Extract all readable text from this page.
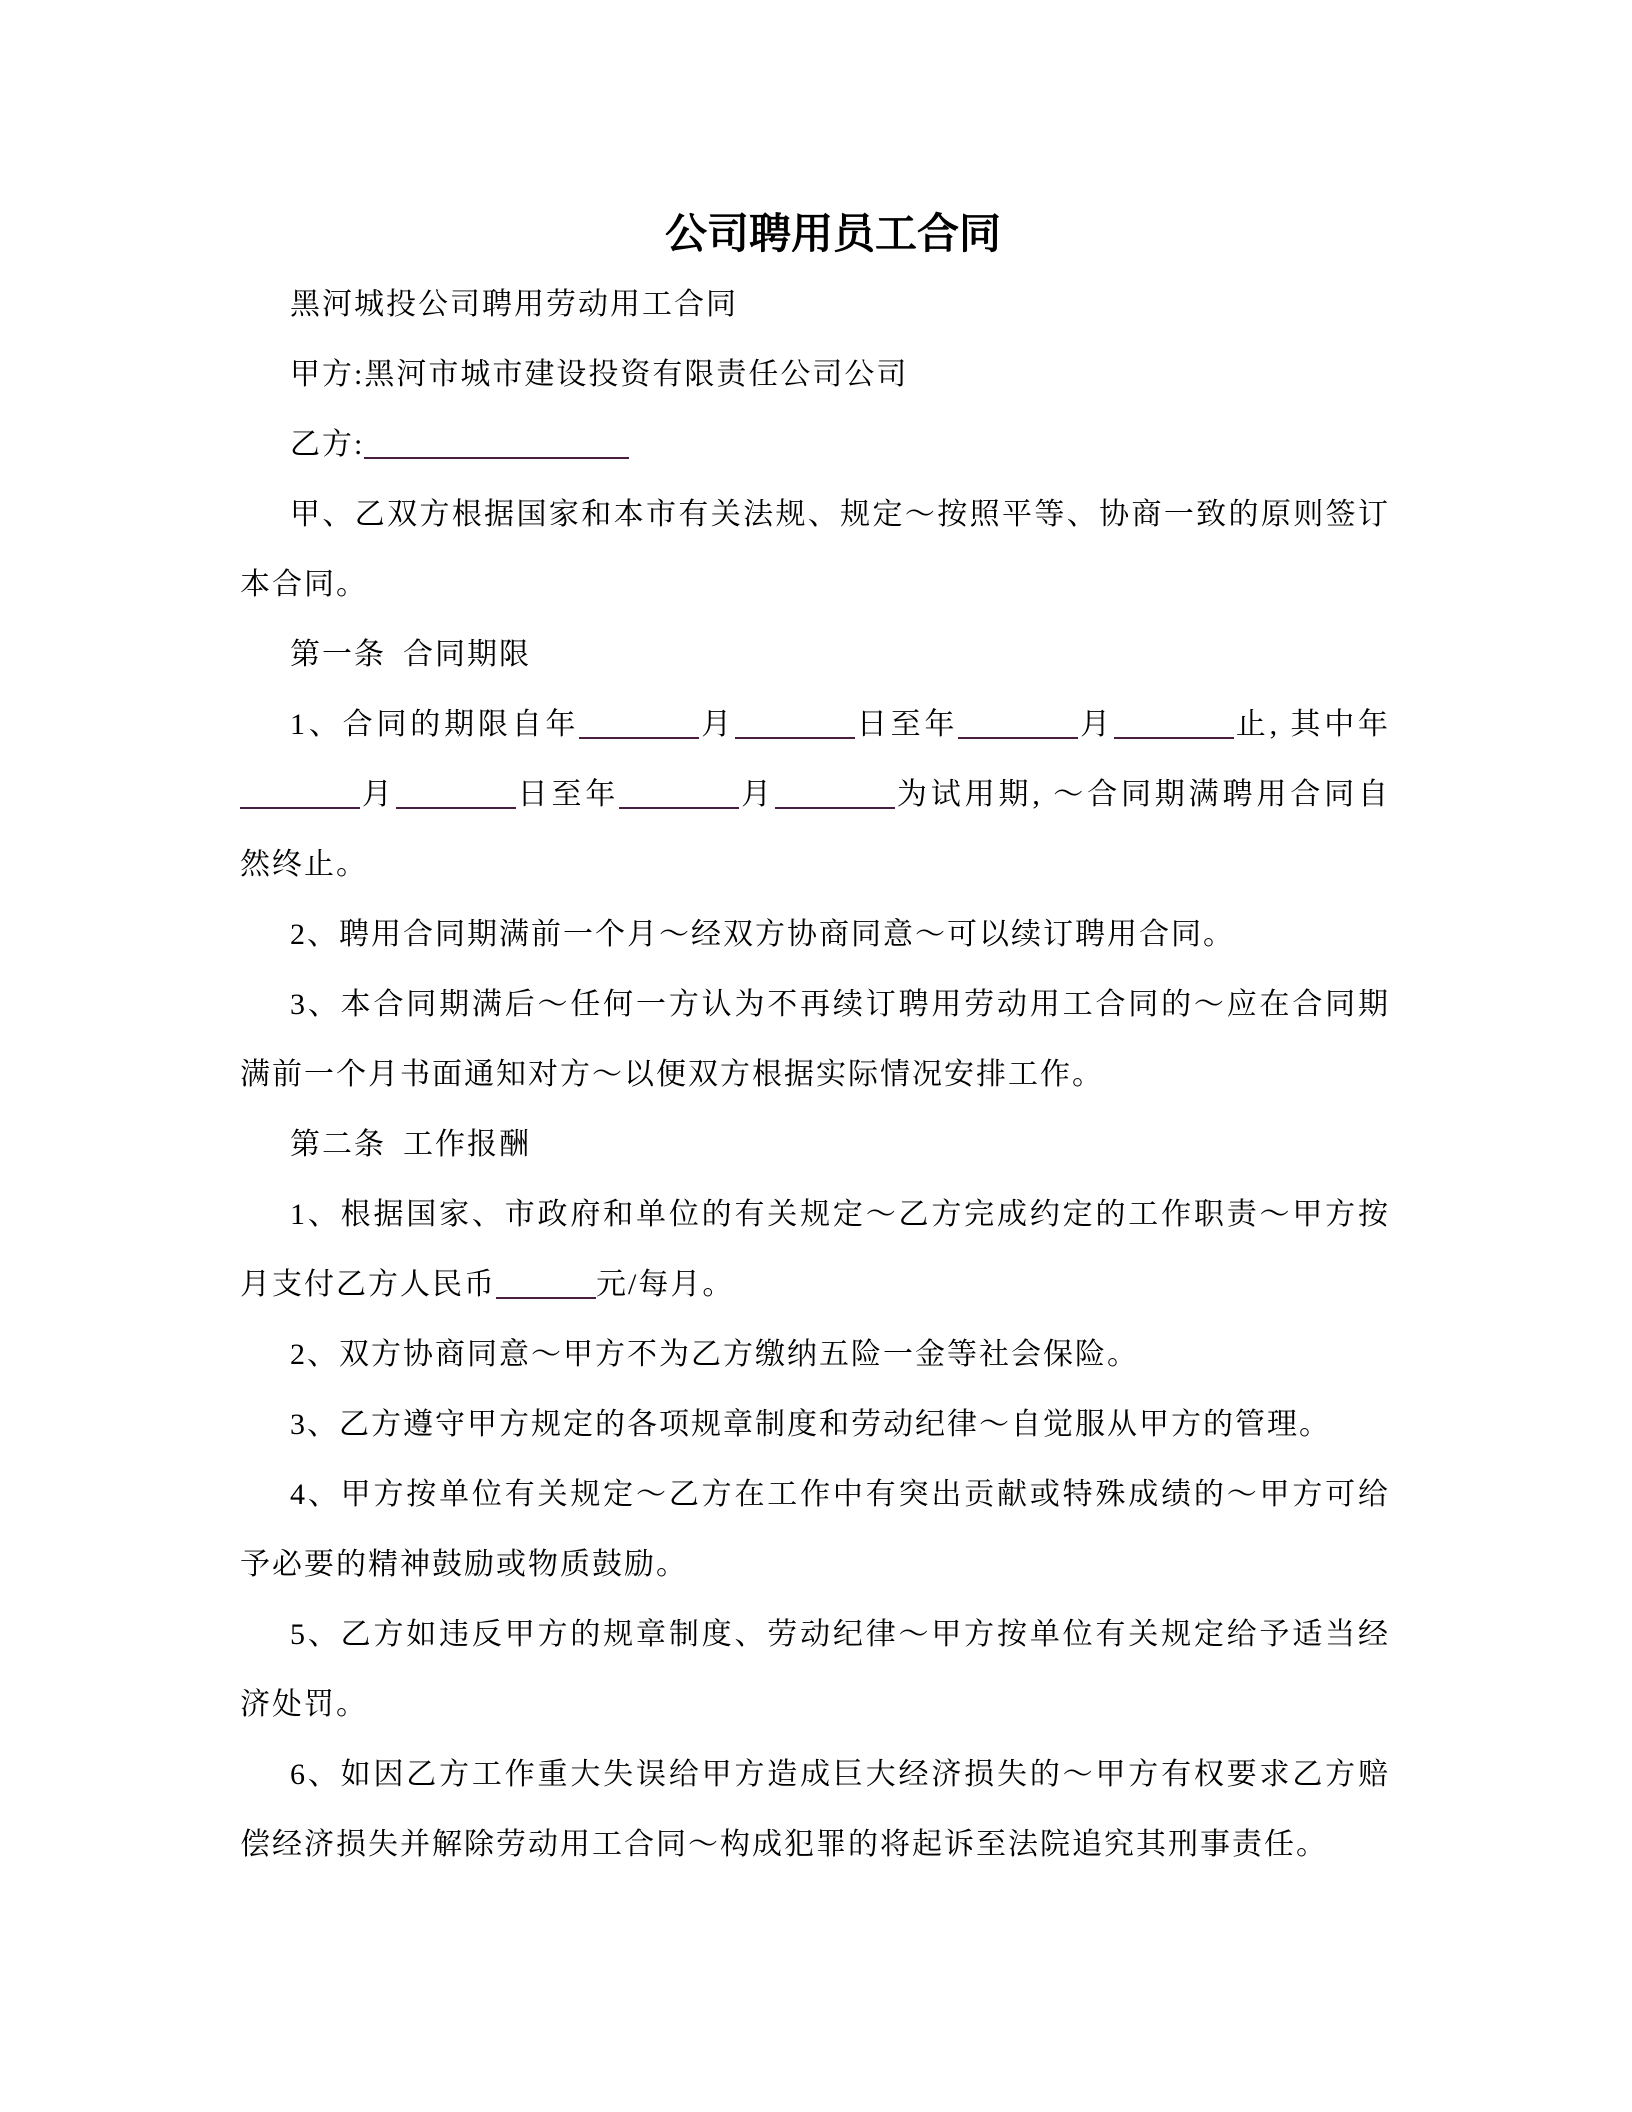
公司聘用员工合同
黑河城投公司聘用劳动用工合同
甲方:黑河市城市建设投资有限责任公司公司
乙方:
甲、乙双方根据国家和本市有关法规、规定～按照平等、协商一致的原则签订
本合同。
第一条 合同期限
1、合同的期限自年	月	日至年	月	止, 其中年
月	日至年	月	为试用期, ～合同期满聘用合同自
然终止。
2、聘用合同期满前一个月～经双方协商同意～可以续订聘用合同。
3、本合同期满后～任何一方认为不再续订聘用劳动用工合同的～应在合同期
满前一个月书面通知对方～以便双方根据实际情况安排工作。
第二条 工作报酬
1、根据国家、市政府和单位的有关规定～乙方完成约定的工作职责～甲方按
月支付乙方人民币	元/每月。
2、双方协商同意～甲方不为乙方缴纳五险一金等社会保险。
3、乙方遵守甲方规定的各项规章制度和劳动纪律～自觉服从甲方的管理。
4、甲方按单位有关规定～乙方在工作中有突出贡献或特殊成绩的～甲方可给
予必要的精神鼓励或物质鼓励。
5、乙方如违反甲方的规章制度、劳动纪律～甲方按单位有关规定给予适当经
济处罚。
6、如因乙方工作重大失误给甲方造成巨大经济损失的～甲方有权要求乙方赔
偿经济损失并解除劳动用工合同～构成犯罪的将起诉至法院追究其刑事责任。
